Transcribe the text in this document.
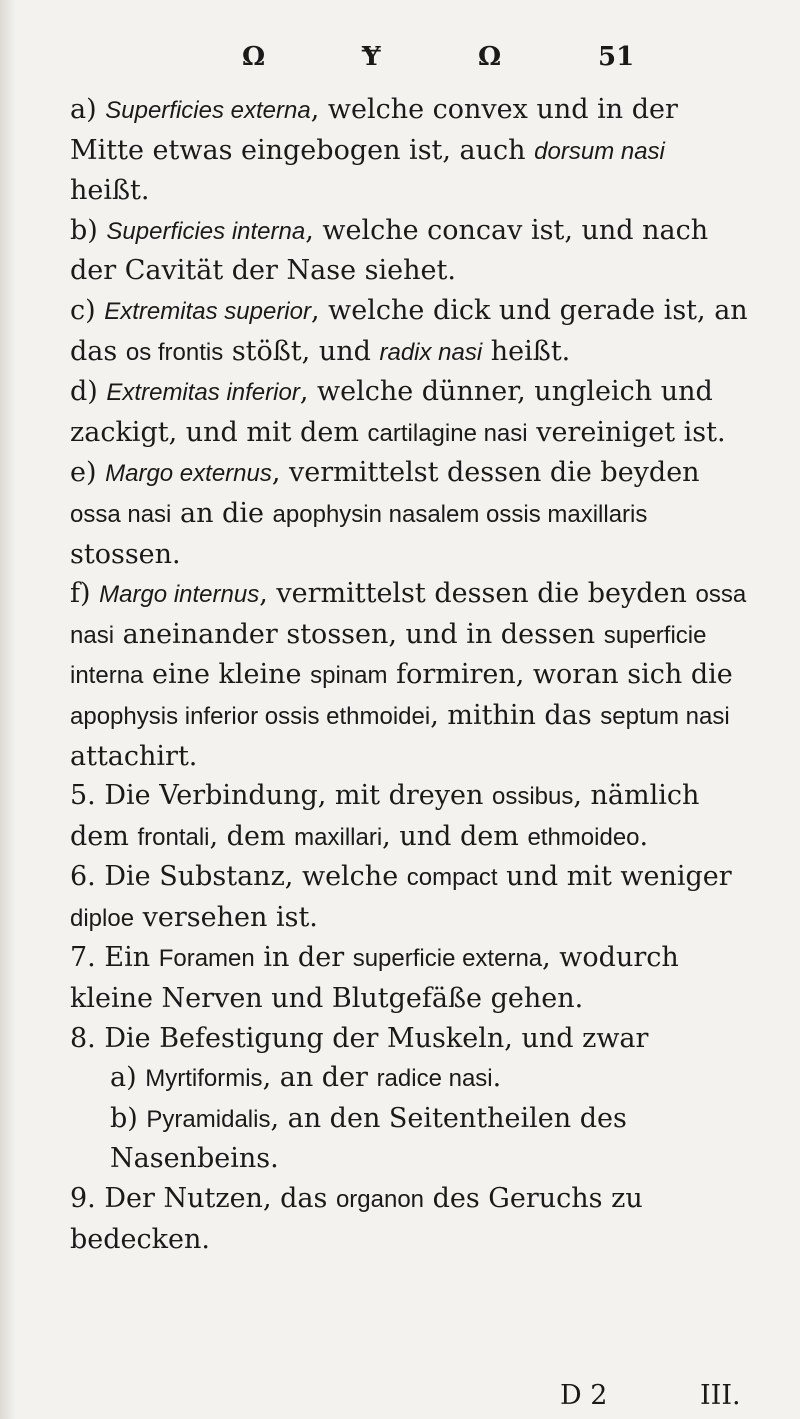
Ω	Ɏ	Ω	51

a) Superficies externa, welche convex und in der Mitte etwas eingebogen ist, auch dorsum nasi heißt.

b) Superficies interna, welche concav ist, und nach der Cavität der Nase siehet.

c) Extremitas superior, welche dick und gerade ist, an das os frontis stößt, und radix nasi heißt.

d) Extremitas inferior, welche dünner, ungleich und zackigt, und mit dem cartilagine nasi vereiniget ist.

e) Margo externus, vermittelst dessen die beyden ossa nasi an die apophysin nasalem ossis maxillaris stossen.

f) Margo internus, vermittelst dessen die beyden ossa nasi aneinander stossen, und in dessen superficie interna eine kleine spinam formiren, woran sich die apophysis inferior ossis ethmoidei, mithin das septum nasi attachirt.

5. Die Verbindung, mit dreyen ossibus, nämlich dem frontali, dem maxillari, und dem ethmoideo.

6. Die Substanz, welche compact und mit weniger diploe versehen ist.

7. Ein Foramen in der superficie externa, wodurch kleine Nerven und Blutgefäße gehen.

8. Die Befestigung der Muskeln, und zwar

a) Myrtiformis, an der radice nasi.

b) Pyramidalis, an den Seitentheilen des Nasenbeins.

9. Der Nutzen, das organon des Geruchs zu bedecken.

D 2	III.
